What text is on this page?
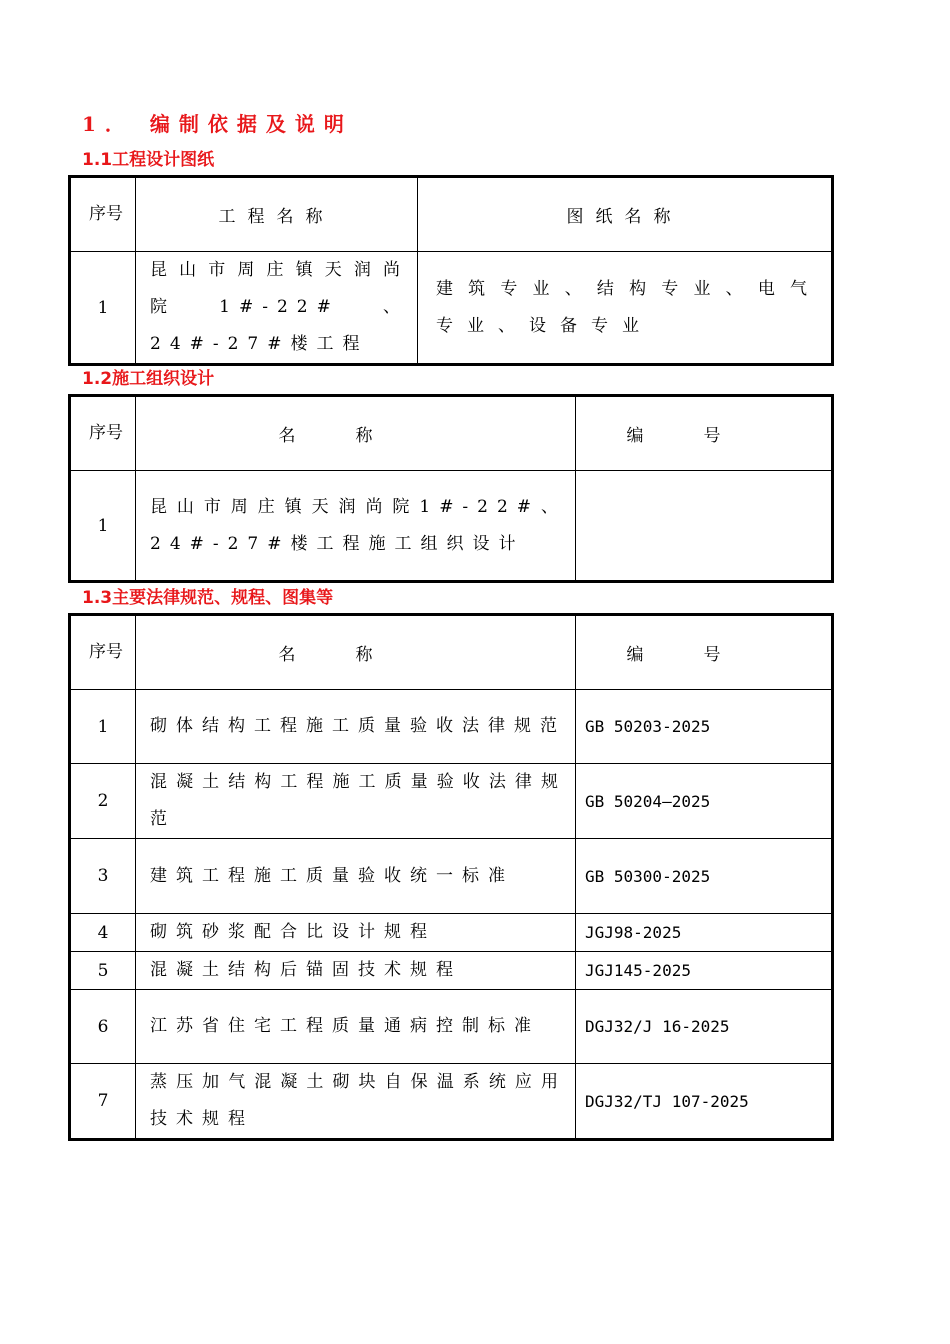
1． 编制依据及说明
1.1工程设计图纸
序号	工程名称	图纸名称
1	昆山市周庄镇天润尚院1#-22#、24#-27#楼工程	建筑专业、结构专业、电气专业、设备专业
1.2施工组织设计
序号	名称	编号
1	昆山市周庄镇天润尚院1#-22#、24#-27#楼工程施工组织设计	
1.3主要法律规范、规程、图集等
序号	名称	编号
1	砌体结构工程施工质量验收法律规范	GB 50203-2025
2	混凝土结构工程施工质量验收法律规范	GB 50204—2025
3	建筑工程施工质量验收统一标准	GB 50300-2025
4	砌筑砂浆配合比设计规程	JGJ98-2025
5	混凝土结构后锚固技术规程	JGJ145-2025
6	江苏省住宅工程质量通病控制标准	DGJ32/J 16-2025
7	蒸压加气混凝土砌块自保温系统应用技术规程	DGJ32/TJ 107-2025
